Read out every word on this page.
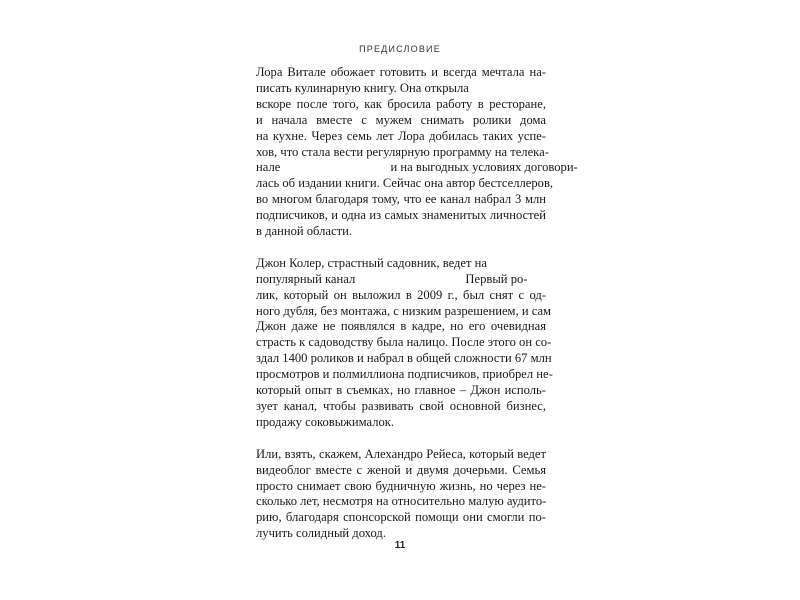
ПРЕДИСЛОВИЕ
Лора Витале обожает готовить и всегда мечтала на-
писать кулинарную книгу. Она открыла
вскоре после того, как бросила работу в ресторане,
и начала вместе с мужем снимать ролики дома
на кухне. Через семь лет Лора добилась таких успе-
хов, что стала вести регулярную программу на телека-
нале                                   и на выгодных условиях договори-
лась об издании книги. Сейчас она автор бестселлеров,
во многом благодаря тому, что ее канал набрал 3 млн
подписчиков, и одна из самых знаменитых личностей
в данной области.
Джон Колер, страстный садовник, ведет на
популярный канал                                   Первый ро-
лик, который он выложил в 2009 г., был снят с од-
ного дубля, без монтажа, с низким разрешением, и сам
Джон даже не появлялся в кадре, но его очевидная
страсть к садоводству была налицо. После этого он со-
здал 1400 роликов и набрал в общей сложности 67 млн
просмотров и полмиллиона подписчиков, приобрел не-
который опыт в съемках, но главное – Джон исполь-
зует канал, чтобы развивать свой основной бизнес,
продажу соковыжималок.
Или, взять, скажем, Алехандро Рейеса, который ведет
видеоблог вместе с женой и двумя дочерьми. Семья
просто снимает свою будничную жизнь, но через не-
сколько лет, несмотря на относительно малую аудито-
рию, благодаря спонсорской помощи они смогли по-
лучить солидный доход.
11
